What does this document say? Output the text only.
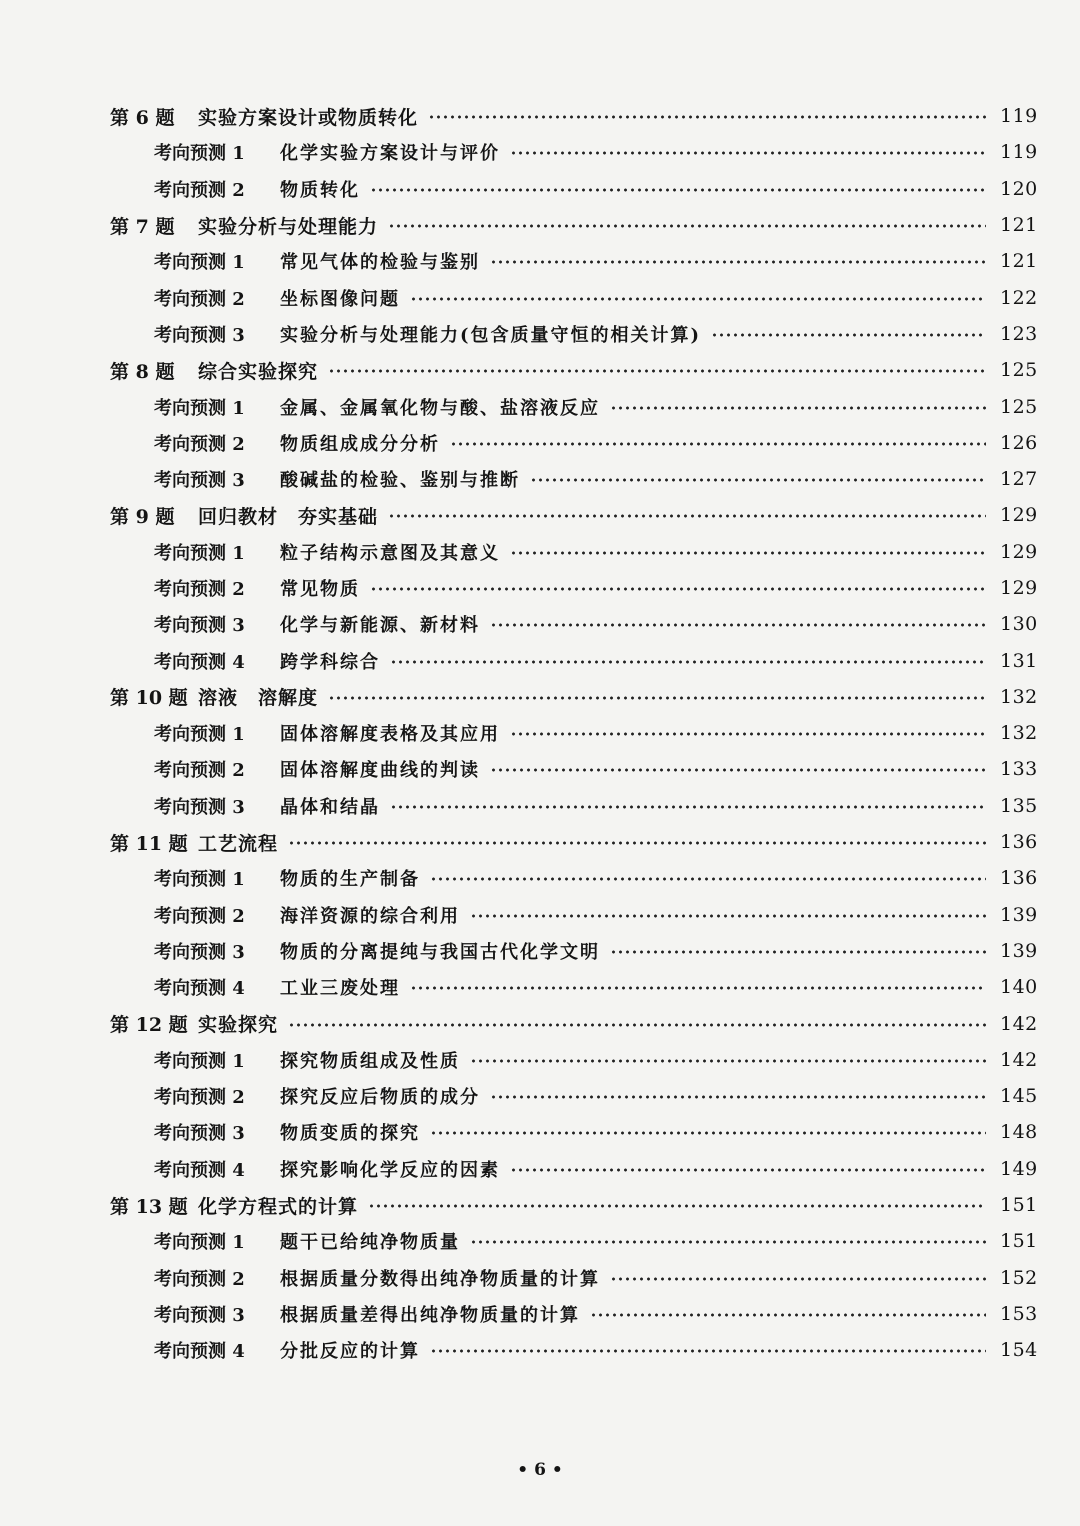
第 6 题	实验方案设计或物质转化	119
考向预测 1	化学实验方案设计与评价	119
考向预测 2	物质转化	120
第 7 题	实验分析与处理能力	121
考向预测 1	常见气体的检验与鉴别	121
考向预测 2	坐标图像问题	122
考向预测 3	实验分析与处理能力(包含质量守恒的相关计算)	123
第 8 题	综合实验探究	125
考向预测 1	金属、金属氧化物与酸、盐溶液反应	125
考向预测 2	物质组成成分分析	126
考向预测 3	酸碱盐的检验、鉴别与推断	127
第 9 题	回归教材　夯实基础	129
考向预测 1	粒子结构示意图及其意义	129
考向预测 2	常见物质	129
考向预测 3	化学与新能源、新材料	130
考向预测 4	跨学科综合	131
第 10 题 溶液　溶解度	132
考向预测 1	固体溶解度表格及其应用	132
考向预测 2	固体溶解度曲线的判读	133
考向预测 3	晶体和结晶	135
第 11 题 工艺流程	136
考向预测 1	物质的生产制备	136
考向预测 2	海洋资源的综合利用	139
考向预测 3	物质的分离提纯与我国古代化学文明	139
考向预测 4	工业三废处理	140
第 12 题 实验探究	142
考向预测 1	探究物质组成及性质	142
考向预测 2	探究反应后物质的成分	145
考向预测 3	物质变质的探究	148
考向预测 4	探究影响化学反应的因素	149
第 13 题 化学方程式的计算	151
考向预测 1	题干已给纯净物质量	151
考向预测 2	根据质量分数得出纯净物质量的计算	152
考向预测 3	根据质量差得出纯净物质量的计算	153
考向预测 4	分批反应的计算	154
• 6 •
